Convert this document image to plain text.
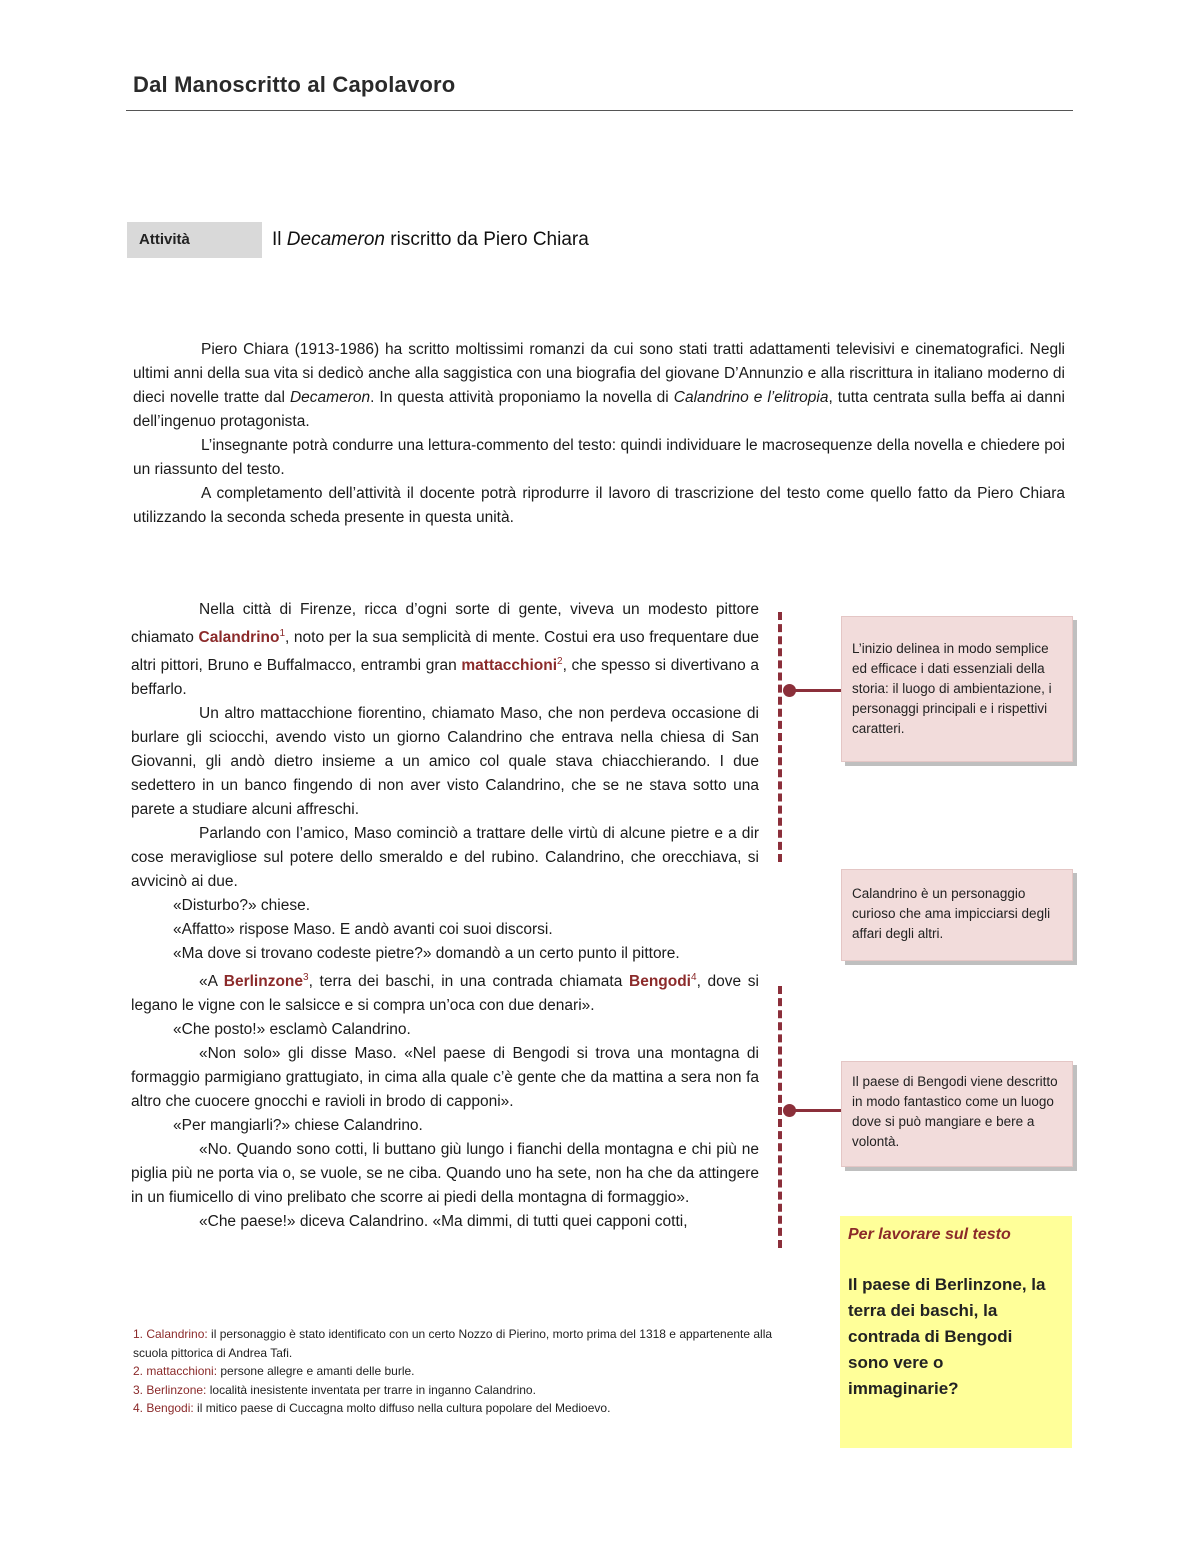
Dal Manoscritto al Capolavoro
Attività	Il Decameron riscritto da Piero Chiara

Piero Chiara (1913-1986) ha scritto moltissimi romanzi da cui sono stati tratti adattamenti televisivi e cinematografici. Negli ultimi anni della sua vita si dedicò anche alla saggistica con una biografia del giovane D’Annunzio e alla riscrittura in italiano moderno di dieci novelle tratte dal Decameron. In questa attività proponiamo la novella di Calandrino e l’elitropia, tutta centrata sulla beffa ai danni dell’ingenuo protagonista.

L’insegnante potrà condurre una lettura-commento del testo: quindi individuare le macrosequenze della novella e chiedere poi un riassunto del testo.

A completamento dell’attività il docente potrà riprodurre il lavoro di trascrizione del testo come quello fatto da Piero Chiara utilizzando la seconda scheda presente in questa unità.

Nella città di Firenze, ricca d’ogni sorte di gente, viveva un modesto pittore chiamato Calandrino$^1$, noto per la sua semplicità di mente. Costui era uso frequentare due altri pittori, Bruno e Buffalmacco, entrambi gran mattacchioni$^2$, che spesso si divertivano a beffarlo.

Un altro mattacchione fiorentino, chiamato Maso, che non perdeva occasione di burlare gli sciocchi, avendo visto un giorno Calandrino che entrava nella chiesa di San Giovanni, gli andò dietro insieme a un amico col quale stava chiacchierando. I due sedettero in un banco fingendo di non aver visto Calandrino, che se ne stava sotto una parete a studiare alcuni affreschi.

Parlando con l’amico, Maso cominciò a trattare delle virtù di alcune pietre e a dir cose meravigliose sul potere dello smeraldo e del rubino. Calandrino, che orecchiava, si avvicinò ai due.

«Disturbo?» chiese.

«Affatto» rispose Maso. E andò avanti coi suoi discorsi.

«Ma dove si trovano codeste pietre?» domandò a un certo punto il pittore.

«A Berlinzone$^3$, terra dei baschi, in una contrada chiamata Bengodi$^4$, dove si legano le vigne con le salsicce e si compra un’oca con due denari».

«Che posto!» esclamò Calandrino.

«Non solo» gli disse Maso. «Nel paese di Bengodi si trova una montagna di formaggio parmigiano grattugiato, in cima alla quale c’è gente che da mattina a sera non fa altro che cuocere gnocchi e ravioli in brodo di capponi».

«Per mangiarli?» chiese Calandrino.

«No. Quando sono cotti, li buttano giù lungo i fianchi della montagna e chi più ne piglia più ne porta via o, se vuole, se ne ciba. Quando uno ha sete, non ha che da attingere in un fiumicello di vino prelibato che scorre ai piedi della montagna di formaggio».

«Che paese!» diceva Calandrino. «Ma dimmi, di tutti quei capponi cotti,

L’inizio delinea in modo semplice ed efficace i dati essenziali della storia: il luogo di ambientazione, i personaggi principali e i rispettivi caratteri.
Calandrino è un personaggio curioso che ama impicciarsi degli affari degli altri.
Il paese di Bengodi viene descritto in modo fantastico come un luogo dove si può mangiare e bere a volontà.
Per lavorare sul testo
Il paese di Berlinzone, la terra dei baschi, la contrada di Bengodi sono vere o immaginarie?
1. Calandrino: il personaggio è stato identificato con un certo Nozzo di Pierino, morto prima del 1318 e appartenente alla scuola pittorica di Andrea Tafi.
2. mattacchioni: persone allegre e amanti delle burle.
3. Berlinzone: località inesistente inventata per trarre in inganno Calandrino.
4. Bengodi: il mitico paese di Cuccagna molto diffuso nella cultura popolare del Medioevo.
